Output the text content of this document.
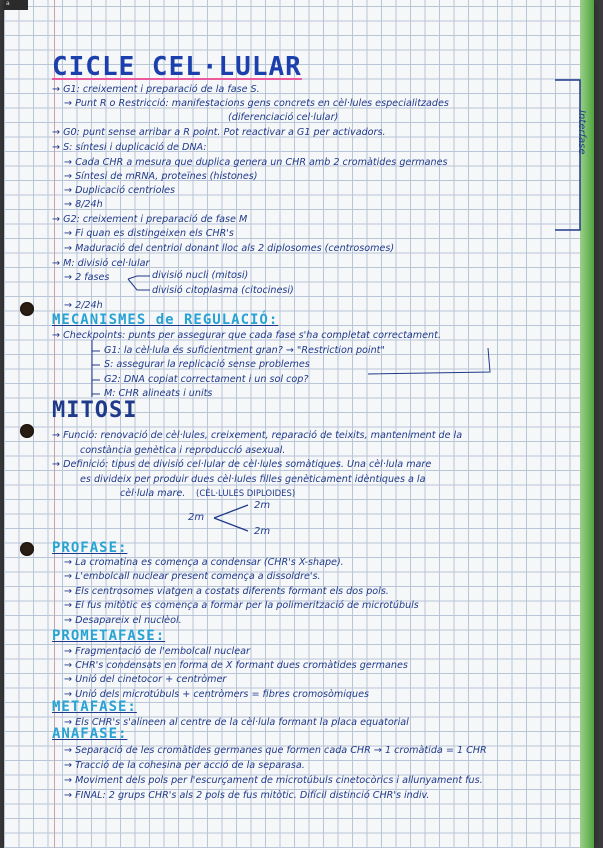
a
CICLE CEL·LULAR
Interfase
→ G1: creixement i preparació de la fase S.
→ Punt R o Restricció: manifestacions gens concrets en cèl·lules especialitzades
(diferenciació cel·lular)
→ G0: punt sense arribar a R point. Pot reactivar a G1 per activadors.
→ S: síntesi i duplicació de DNA:
→ Cada CHR a mesura que duplica genera un CHR amb 2 cromàtides germanes
→ Síntesi de mRNA, proteïnes (histones)
→ Duplicació centrioles
→ 8/24h
→ G2: creixement i preparació de fase M
→ Fi quan es distingeixen els CHR's
→ Maduració del centriol donant lloc als 2 diplosomes (centrosomes)
→ M: divisió cel·lular
→ 2 fases	divisió nucli (mitosi)
divisió citoplasma (citocinesi)
→ 2/24h
MECANISMES de REGULACIÓ:
→ Checkpoints: punts per assegurar que cada fase s'ha completat correctament.
G1: la cèl·lula és suficientment gran? → "Restriction point"
S: assegurar la replicació sense problemes
G2: DNA copiat correctament i un sol cop?
M: CHR alineats i units
MITOSI
→ Funció: renovació de cèl·lules, creixement, reparació de teixits, manteniment de la
constància genètica i reproducció asexual.
→ Definició: tipus de divisió cel·lular de cèl·lules somàtiques. Una cèl·lula mare
es divideix per produir dues cèl·lules filles genèticament idèntiques a la
cèl·lula mare. (CÈL·LULES DIPLOIDES)
2m
2m
2m
PROFASE:
→ La cromatina es comença a condensar (CHR's X-shape).
→ L'embolcall nuclear present comença a dissoldre's.
→ Els centrosomes viatgen a costats diferents formant els dos pols.
→ El fus mitòtic es comença a formar per la polimerització de microtúbuls
→ Desapareix el nuclèol.
PROMETAFASE:
→ Fragmentació de l'embolcall nuclear
→ CHR's condensats en forma de X formant dues cromàtides germanes
→ Unió del cinetocor + centròmer
→ Unió dels microtúbuls + centròmers = fibres cromosòmiques
METAFASE:
→ Els CHR's s'alineen al centre de la cèl·lula formant la placa equatorial
ANAFASE:
→ Separació de les cromàtides germanes que formen cada CHR → 1 cromàtida = 1 CHR
→ Tracció de la cohesina per acció de la separasa.
→ Moviment dels pols per l'escurçament de microtúbuls cinetocòrics i allunyament fus.
→ FINAL: 2 grups CHR's als 2 pols de fus mitòtic. Difícil distinció CHR's indiv.
